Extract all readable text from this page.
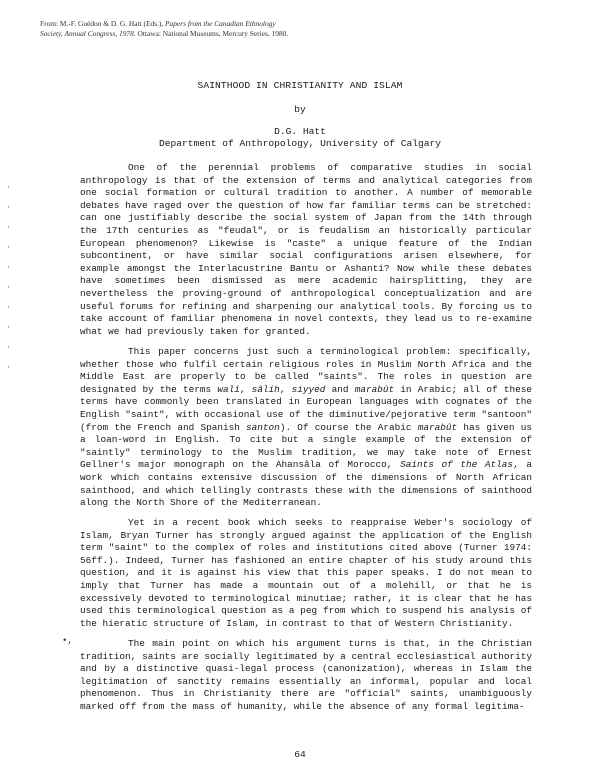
From: M.-F. Guédon & D. G. Hatt (Eds.), Papers from the Canadian Ethnology
Society, Annual Congress, 1978. Ottawa: National Museums, Mercury Series, 1980.
SAINTHOOD IN CHRISTIANITY AND ISLAM
by
D.G. Hatt
Department of Anthropology, University of Calgary
·
·
·
·
·
·
·
·
·
·

One of the perennial problems of comparative studies in social anthropology is that of the extension of terms and analytical categories from one social formation or cultural tradition to another. A number of memorable debates have raged over the question of how far familiar terms can be stretched: can one justifiably describe the social system of Japan from the 14th through the 17th centuries as "feudal", or is feudalism an historically particular European phenomenon? Likewise is "caste" a unique feature of the Indian subcontinent, or have similar social configurations arisen elsewhere, for example amongst the Interlacustrine Bantu or Ashanti? Now while these debates have sometimes been dismissed as mere academic hairsplitting, they are nevertheless the proving-ground of anthropological conceptualization and are useful forums for refining and sharpening our analytical tools. By forcing us to take account of familiar phenomena in novel contexts, they lead us to re-examine what we had previously taken for granted.

This paper concerns just such a terminological problem: specifically, whether those who fulfil certain religious roles in Muslim North Africa and the Middle East are properly to be called "saints". The roles in question are designated by the terms walî, sâlih, siyyed and marabût in Arabic; all of these terms have commonly been translated in European languages with cognates of the English "saint", with occasional use of the diminutive/pejorative term "santoon" (from the French and Spanish santon). Of course the Arabic marabût has given us a loan-word in English. To cite but a single example of the extension of "saintly" terminology to the Muslim tradition, we may take note of Ernest Gellner's major monograph on the Ahansâla of Morocco, Saints of the Atlas, a work which contains extensive discussion of the dimensions of North African sainthood, and which tellingly contrasts these with the dimensions of sainthood along the North Shore of the Mediterranean.

Yet in a recent book which seeks to reappraise Weber's sociology of Islam, Bryan Turner has strongly argued against the application of the English term "saint" to the complex of roles and institutions cited above (Turner 1974: 56ff.). Indeed, Turner has fashioned an entire chapter of his study around this question, and it is against his view that this paper speaks. I do not mean to imply that Turner has made a mountain out of a molehill, or that he is excessively devoted to terminological minutiae; rather, it is clear that he has used this terminological question as a peg from which to suspend his analysis of the hieratic structure of Islam, in contrast to that of Western Christianity.

•,	The main point on which his argument turns is that, in the Christian tradition, saints are socially legitimated by a central ecclesiastical authority and by a distinctive quasi-legal process (canonization), whereas in Islam the legitimation of sanctity remains essentially an informal, popular and local phenomenon. Thus in Christianity there are "official" saints, unambiguously marked off from the mass of humanity, while the absence of any formal legitima-

64
